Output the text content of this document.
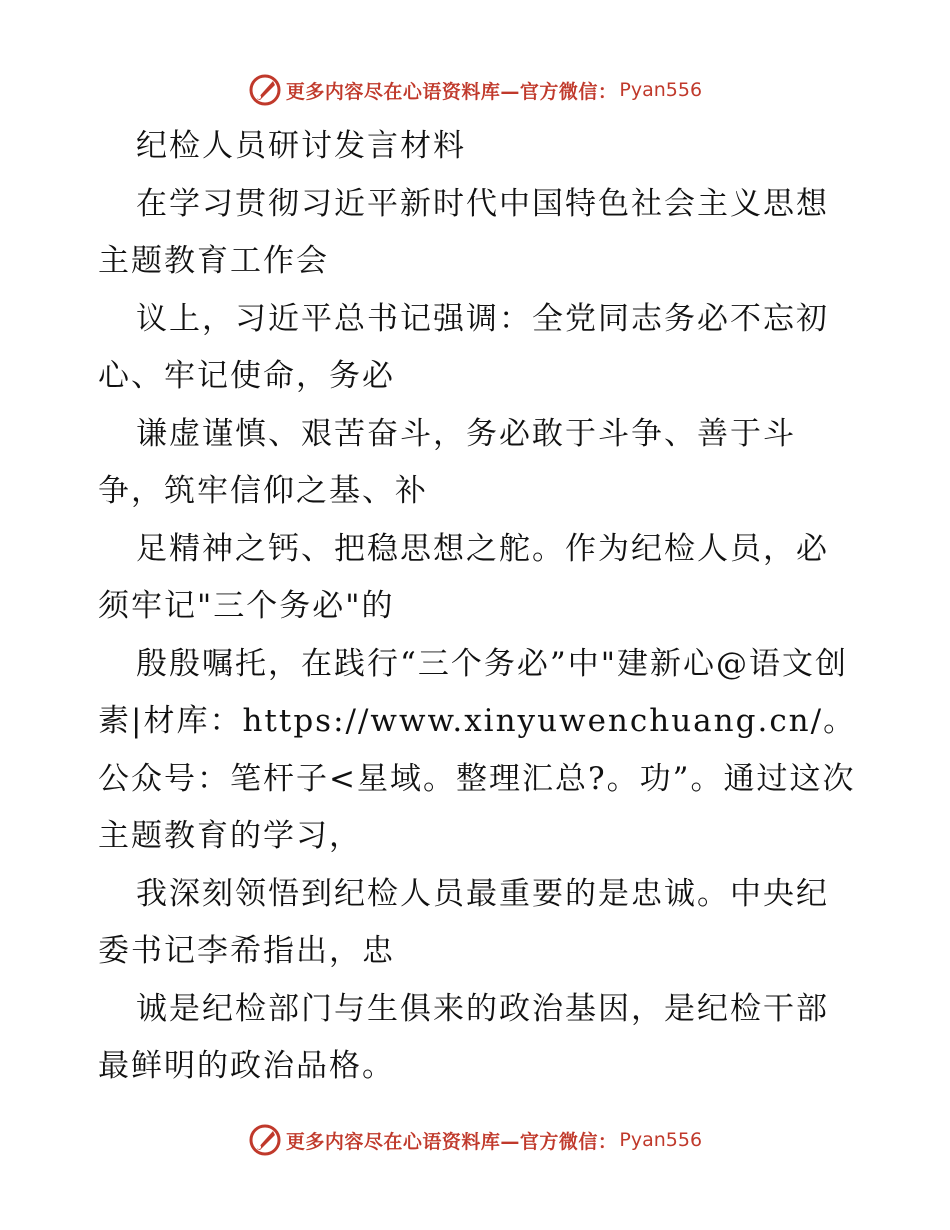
更多内容尽在心语资料库—官方微信： Pyan556

纪检人员研讨发言材料

在学习贯彻习近平新时代中国特色社会主义思想主题教育工作会

议上，习近平总书记强调：全党同志务必不忘初心、牢记使命，务必

谦虚谨慎、艰苦奋斗，务必敢于斗争、善于斗争，筑牢信仰之基、补

足精神之钙、把稳思想之舵。作为纪检人员，必须牢记"三个务必"的

殷殷嘱托，在践行“三个务必”中"建新心@语文创素|材库：https://www.xinyuwenchuang.cn/。公众号：笔杆子<星域。整理汇总?。功”。通过这次主题教育的学习，

我深刻领悟到纪检人员最重要的是忠诚。中央纪委书记李希指出，忠

诚是纪检部门与生俱来的政治基因，是纪检干部最鲜明的政治品格。

更多内容尽在心语资料库—官方微信： Pyan556
